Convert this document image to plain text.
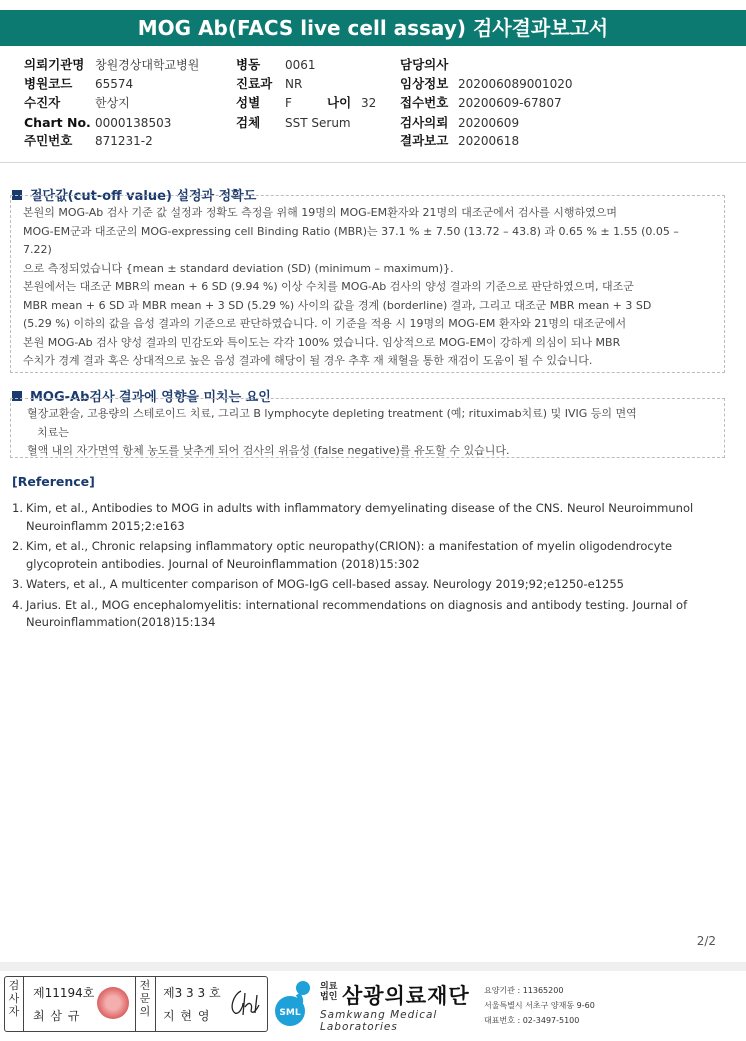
MOG Ab(FACS live cell assay) 검사결과보고서
의뢰기관명 창원경상대학교병원	병동 0061	담당의사
병원코드 65574	진료과 NR	임상정보 202006089001020
수진자	한상지	성별 F	나이 32 접수번호 20200609-67807
Chart No. 0000138503	검체 SST Serum	검사의뢰 20200609
주민번호 871231-2	결과보고 20200618
절단값(cut-off value) 설정과 정확도

본원의 MOG-Ab 검사 기준 값 설정과 정확도 측정을 위해 19명의 MOG-EM환자와 21명의 대조군에서 검사를 시행하였으며

MOG-EM군과 대조군의 MOG-expressing cell Binding Ratio (MBR)는 37.1 % ± 7.50 (13.72 – 43.8) 과 0.65 % ± 1.55 (0.05 –

7.22)

으로 측정되었습니다 {mean ± standard deviation (SD) (minimum – maximum)}.

본원에서는 대조군 MBR의 mean + 6 SD (9.94 %) 이상 수치를 MOG-Ab 검사의 양성 결과의 기준으로 판단하였으며, 대조군

MBR mean + 6 SD 과 MBR mean + 3 SD (5.29 %) 사이의 값을 경계 (borderline) 결과, 그리고 대조군 MBR mean + 3 SD

(5.29 %) 이하의 값을 음성 결과의 기준으로 판단하였습니다. 이 기준을 적용 시 19명의 MOG-EM 환자와 21명의 대조군에서

본원 MOG-Ab 검사 양성 결과의 민감도와 특이도는 각각 100% 였습니다. 임상적으로 MOG-EM이 강하게 의심이 되나 MBR

수치가 경계 결과 혹은 상대적으로 높은 음성 결과에 해당이 될 경우 추후 재 채혈을 통한 재검이 도움이 될 수 있습니다.

MOG-Ab검사 결과에 영향을 미치는 요인

혈장교환술, 고용량의 스테로이드 치료, 그리고 B lymphocyte depleting treatment (예; rituximab치료) 및 IVIG 등의 면역

치료는

혈액 내의 자가면역 항체 농도를 낮추게 되어 검사의 위음성 (false negative)를 유도할 수 있습니다.

[Reference]
1. Kim, et al., Antibodies to MOG in adults with inflammatory demyelinating disease of the CNS. Neurol Neuroimmunol Neuroinflamm 2015;2:e163
2. Kim, et al., Chronic relapsing inflammatory optic neuropathy(CRION): a manifestation of myelin oligodendrocyte glycoprotein antibodies. Journal of Neuroinflammation (2018)15:302
3. Waters, et al., A multicenter comparison of MOG-IgG cell-based assay. Neurology 2019;92;e1250-e1255
4. Jarius. Et al., MOG encephalomyelitis: international recommendations on diagnosis and antibody testing. Journal of Neuroinflammation(2018)15:134
2/2
검사자
제11194호
최 삼 규
전문의
제3 3 3 호
지 현 영	SML
의료법인 삼광의료재단
Samkwang Medical Laboratories
요양기관 : 11365200
서울특별시 서초구 양재동 9-60
대표번호 : 02-3497-5100
